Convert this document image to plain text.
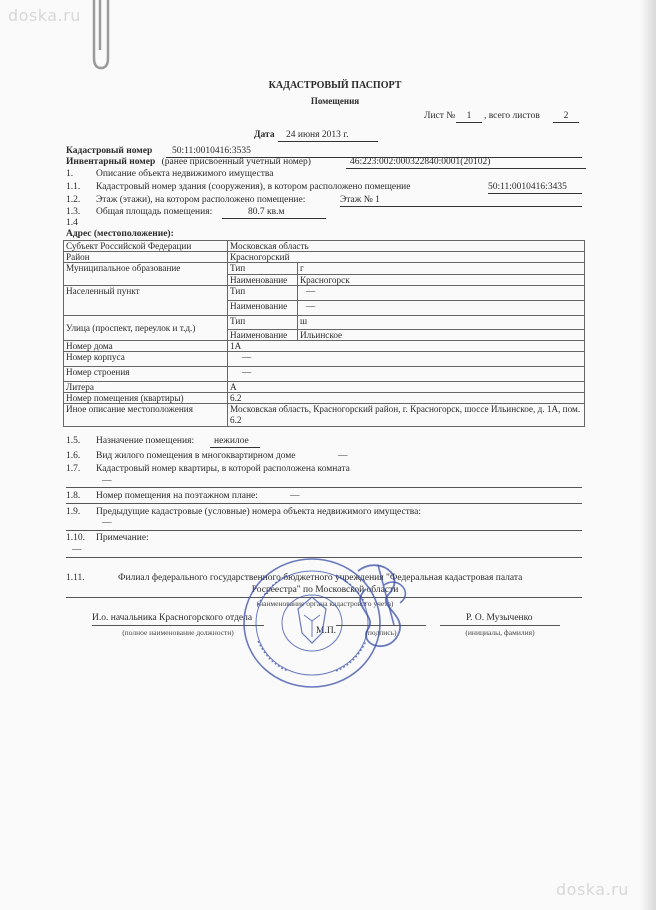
doska.ru
doska.ru
КАДАСТРОВЫЙ ПАСПОРТ
Помещения
Лист №	1	, всего листов	2
Дата	24 июня 2013 г.
Кадастровый номер	50:11:0010416:3535
Инвентарный номер (ранее присвоенный учетный номер)	46:223:002:000322840:0001(20102)
1. Описание объекта недвижимого имущества
1.1. Кадастровый номер здания (сооружения), в котором расположено помещение	50:11:0010416:3435
1.2. Этаж (этажи), на котором расположено помещение:	Этаж № 1
1.3. Общая площадь помещения:	80.7 кв.м
1.4
Адрес (местоположение):
Субъект Российской Федерации	Московская область	
Район	Красногорский	
Муниципальное образование	Тип	г
	Наименование	Красногорск
Населенный пункт	Тип	—
	Наименование	—
Улица (проспект, переулок и т.д.)	Тип	ш
	Наименование	Ильинское
Номер дома	1А	
Номер корпуса	—	
Номер строения	—	
Литера	А	
Номер помещения (квартиры)	6.2	
Иное описание местоположения	Московская область, Красногорский район, г. Красногорск, шоссе Ильинское, д. 1А, пом. 6.2	
1.5. Назначение помещения:	нежилое
1.6. Вид жилого помещения в многоквартирном доме	—
1.7. Кадастровый номер квартиры, в которой расположена комната
—
1.8. Номер помещения на поэтажном плане:	—
1.9. Предыдущие кадастровые (условные) номера объекта недвижимого имущества:
—
1.10. Примечание:
—
1.11.	Филиал федерального государственного бюджетного учреждения "Федеральная кадастровая палата
Росреестра" по Московской области
(наименование органа кадастрового учета)
И.о. начальника Красногорского отдела
(полное наименование должности)	М.П.	(подпись)
Р. О. Музыченко
(инициалы, фамилия)
